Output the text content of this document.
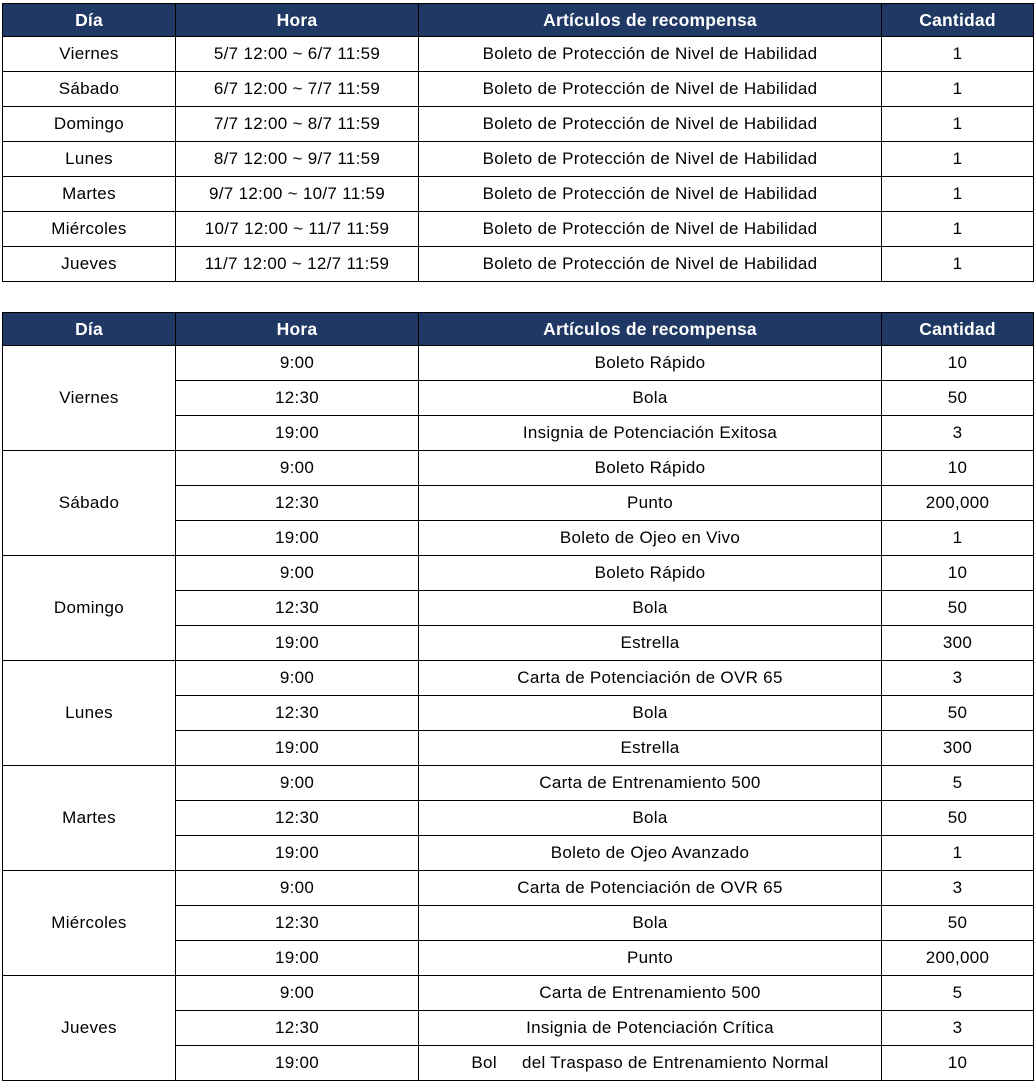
Día	Hora	Artículos de recompensa	Cantidad
Viernes	5/7 12:00 ~ 6/7 11:59	Boleto de Protección de Nivel de Habilidad	1
Sábado	6/7 12:00 ~ 7/7 11:59	Boleto de Protección de Nivel de Habilidad	1
Domingo	7/7 12:00 ~ 8/7 11:59	Boleto de Protección de Nivel de Habilidad	1
Lunes	8/7 12:00 ~ 9/7 11:59	Boleto de Protección de Nivel de Habilidad	1
Martes	9/7 12:00 ~ 10/7 11:59	Boleto de Protección de Nivel de Habilidad	1
Miércoles	10/7 12:00 ~ 11/7 11:59	Boleto de Protección de Nivel de Habilidad	1
Jueves	11/7 12:00 ~ 12/7 11:59	Boleto de Protección de Nivel de Habilidad	1
Día	Hora	Artículos de recompensa	Cantidad
Viernes	9:00	Boleto Rápido	10
	12:30	Bola	50
	19:00	Insignia de Potenciación Exitosa	3
Sábado	9:00	Boleto Rápido	10
	12:30	Punto	200,000
	19:00	Boleto de Ojeo en Vivo	1
Domingo	9:00	Boleto Rápido	10
	12:30	Bola	50
	19:00	Estrella	300
Lunes	9:00	Carta de Potenciación de OVR 65	3
	12:30	Bola	50
	19:00	Estrella	300
Martes	9:00	Carta de Entrenamiento 500	5
	12:30	Bola	50
	19:00	Boleto de Ojeo Avanzado	1
Miércoles	9:00	Carta de Potenciación de OVR 65	3
	12:30	Bola	50
	19:00	Punto	200,000
Jueves	9:00	Carta de Entrenamiento 500	5
	12:30	Insignia de Potenciación Crítica	3
	19:00	Bol     del Traspaso de Entrenamiento Normal	10
